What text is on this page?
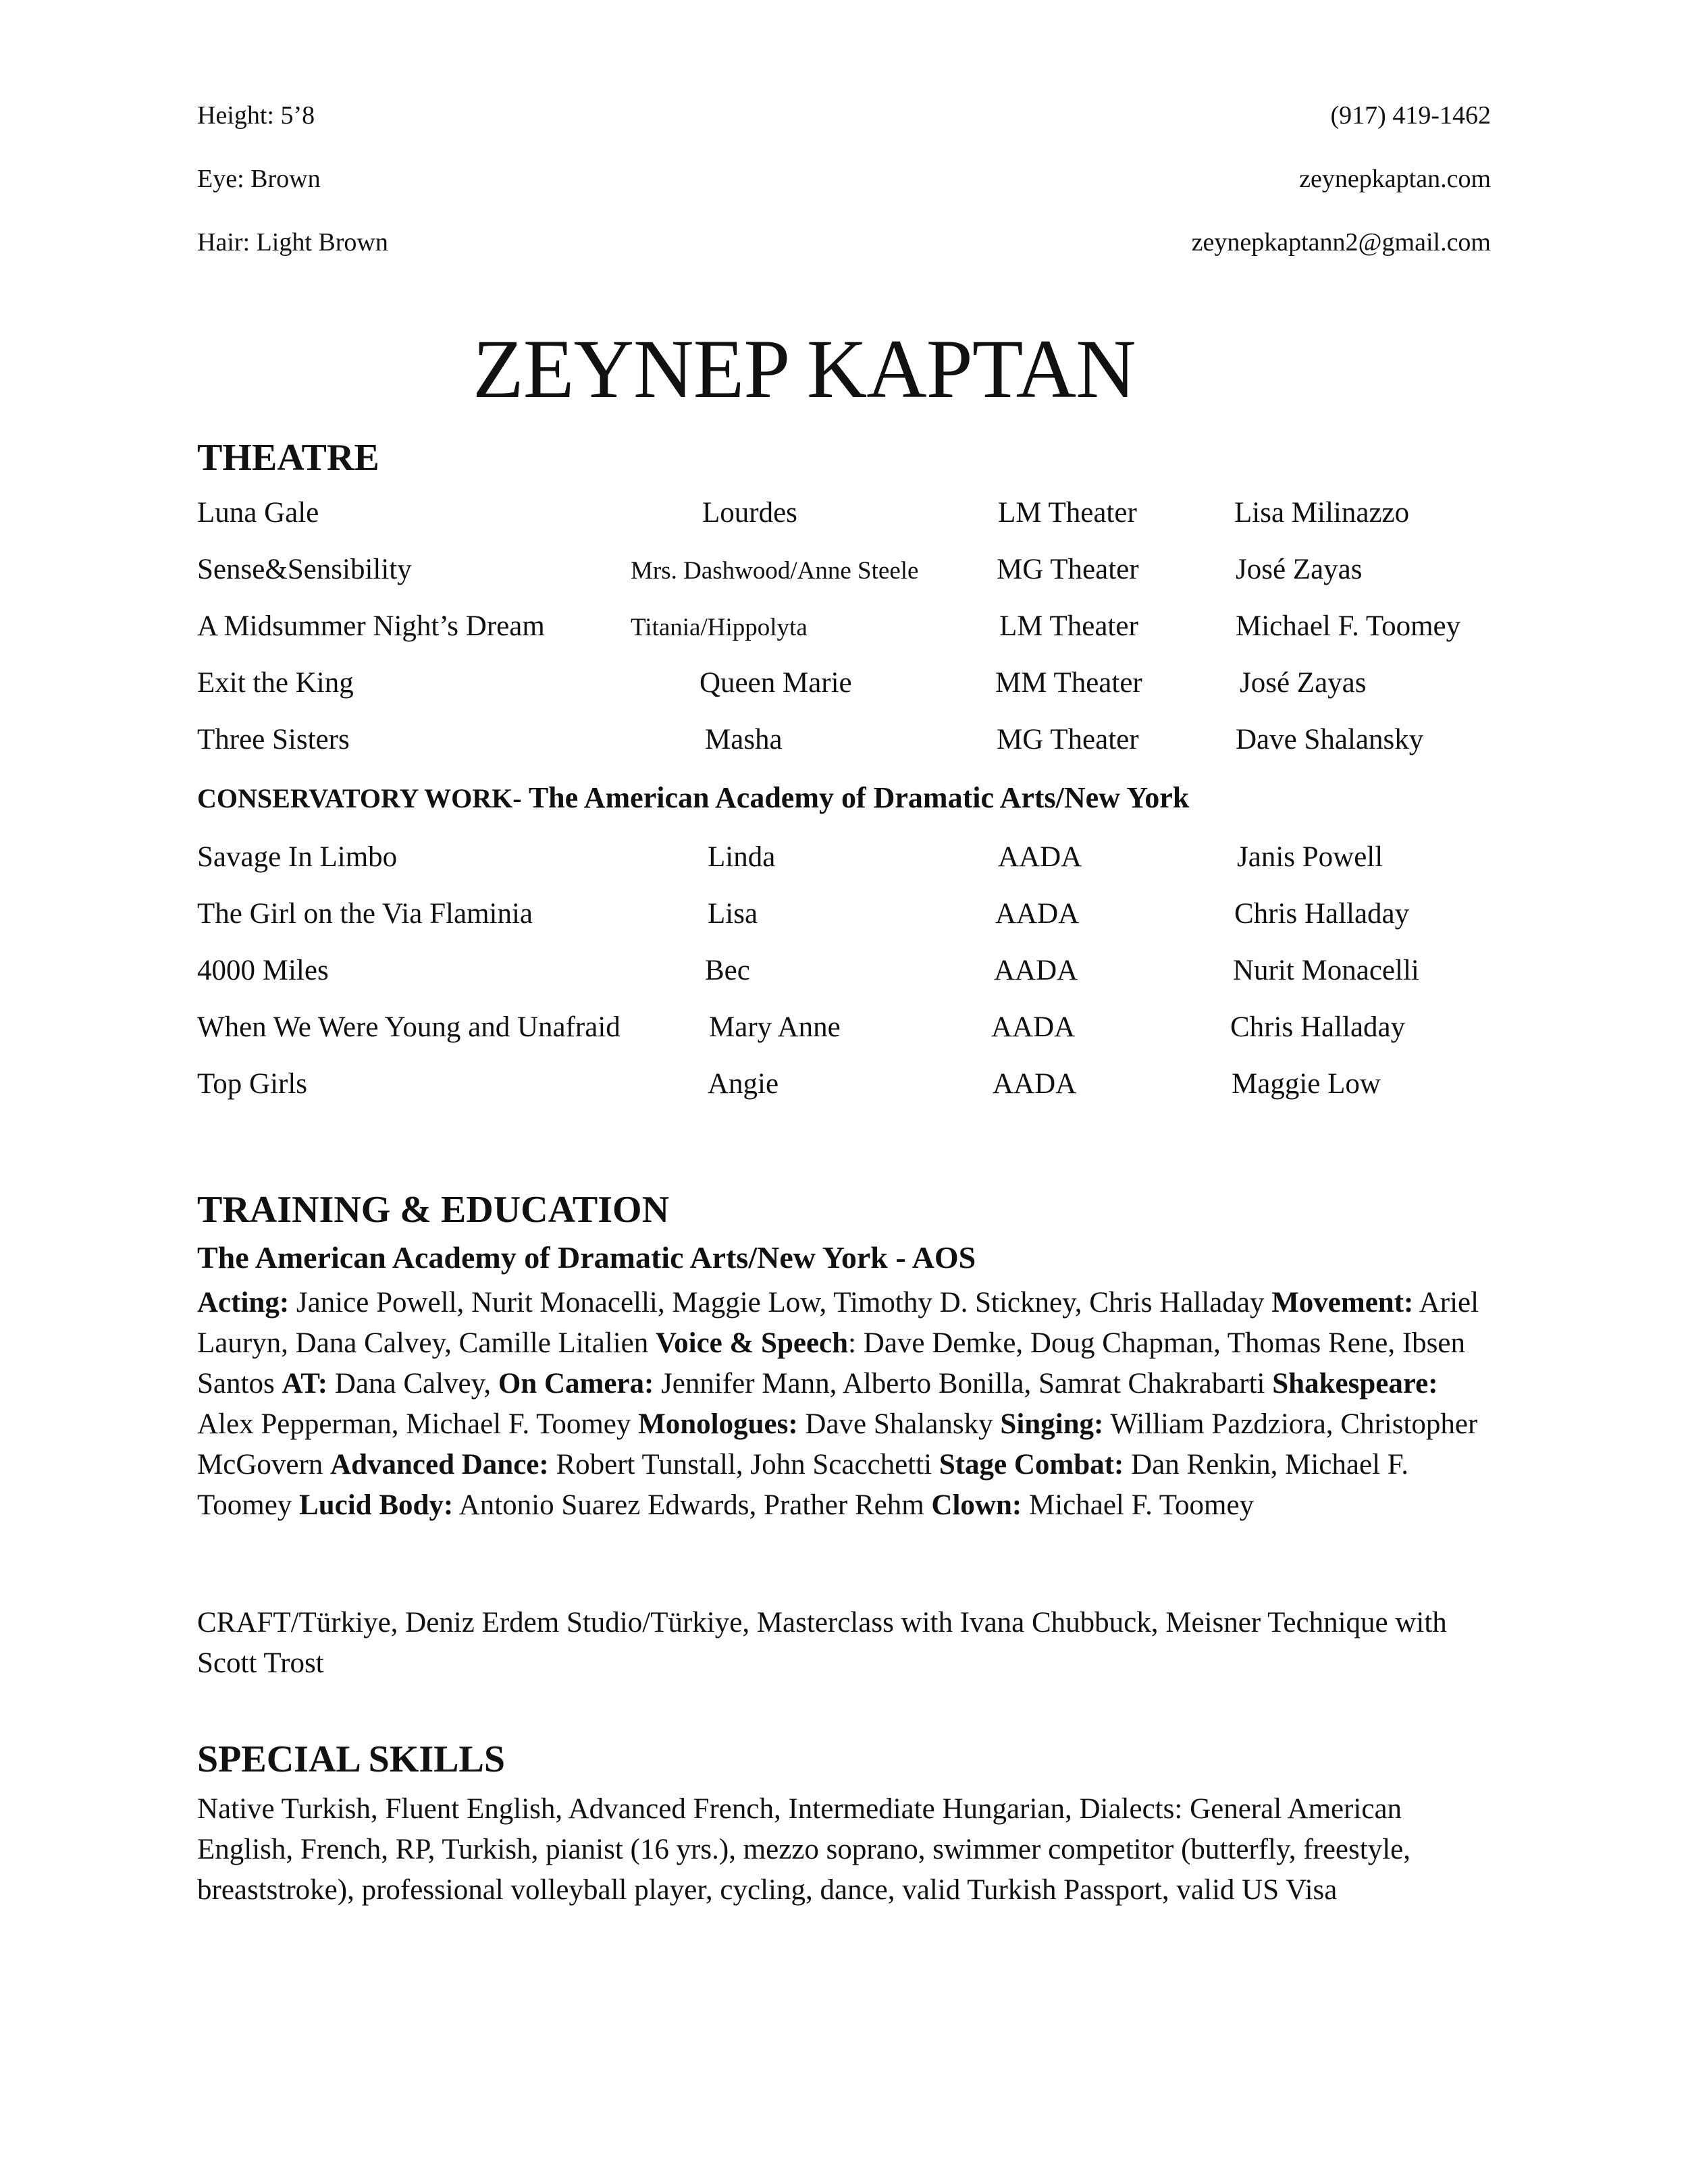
Height: 5’8
Eye: Brown
Hair: Light Brown
(917) 419-1462
zeynepkaptan.com
zeynepkaptann2@gmail.com
ZEYNEP KAPTAN
THEATRE
Luna Gale	Lourdes	LM Theater	Lisa Milinazzo
Sense&Sensibility	Mrs. Dashwood/Anne Steele	MG Theater	José Zayas
A Midsummer Night’s Dream	Titania/Hippolyta	LM Theater	Michael F. Toomey
Exit the King	Queen Marie	MM Theater	José Zayas
Three Sisters	Masha	MG Theater	Dave Shalansky
CONSERVATORY WORK- The American Academy of Dramatic Arts/New York
Savage In Limbo	Linda	AADA	Janis Powell
The Girl on the Via Flaminia	Lisa	AADA	Chris Halladay
4000 Miles	Bec	AADA	Nurit Monacelli
When We Were Young and Unafraid	Mary Anne	AADA	Chris Halladay
Top Girls	Angie	AADA	Maggie Low
TRAINING & EDUCATION
The American Academy of Dramatic Arts/New York - AOS
Acting: Janice Powell, Nurit Monacelli, Maggie Low, Timothy D. Stickney, Chris Halladay Movement: Ariel Lauryn, Dana Calvey, Camille Litalien Voice & Speech: Dave Demke, Doug Chapman, Thomas Rene, Ibsen Santos AT: Dana Calvey, On Camera: Jennifer Mann, Alberto Bonilla, Samrat Chakrabarti Shakespeare: Alex Pepperman, Michael F. Toomey Monologues: Dave Shalansky Singing: William Pazdziora, Christopher McGovern Advanced Dance: Robert Tunstall, John Scacchetti Stage Combat: Dan Renkin, Michael F. Toomey Lucid Body: Antonio Suarez Edwards, Prather Rehm Clown: Michael F. Toomey
CRAFT/Türkiye, Deniz Erdem Studio/Türkiye, Masterclass with Ivana Chubbuck, Meisner Technique with Scott Trost
SPECIAL SKILLS
Native Turkish, Fluent English, Advanced French, Intermediate Hungarian, Dialects: General American English, French, RP, Turkish, pianist (16 yrs.), mezzo soprano, swimmer competitor (butterfly, freestyle, breaststroke), professional volleyball player, cycling, dance, valid Turkish Passport, valid US Visa
